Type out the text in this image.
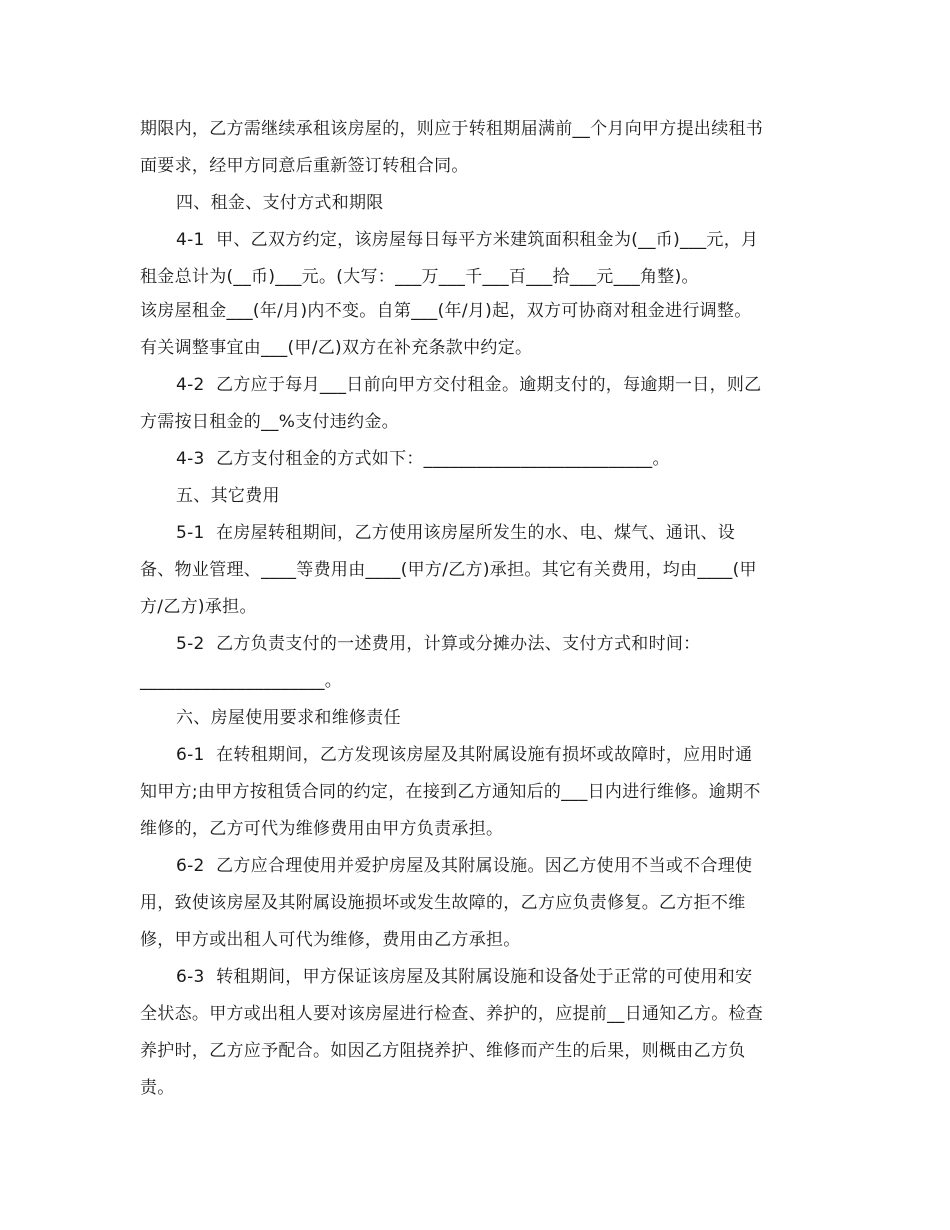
期限内，乙方需继续承租该房屋的，则应于转租期届满前__个月向甲方提出续租书
面要求，经甲方同意后重新签订转租合同。
四、租金、支付方式和期限
4-1  甲、乙双方约定，该房屋每日每平方米建筑面积租金为(__币)___元，月
租金总计为(__币)___元。(大写：___万___千___百___拾___元___角整)。
该房屋租金___(年/月)内不变。自第___(年/月)起，双方可协商对租金进行调整。
有关调整事宜由___(甲/乙)双方在补充条款中约定。
4-2  乙方应于每月___日前向甲方交付租金。逾期支付的，每逾期一日，则乙
方需按日租金的__%支付违约金。
4-3  乙方支付租金的方式如下：__________________________。
五、其它费用
5-1  在房屋转租期间，乙方使用该房屋所发生的水、电、煤气、通讯、设
备、物业管理、____等费用由____(甲方/乙方)承担。其它有关费用，均由____(甲
方/乙方)承担。
5-2  乙方负责支付的一述费用，计算或分摊办法、支付方式和时间：
_____________________。
六、房屋使用要求和维修责任
6-1  在转租期间，乙方发现该房屋及其附属设施有损坏或故障时，应用时通
知甲方;由甲方按租赁合同的约定，在接到乙方通知后的___日内进行维修。逾期不
维修的，乙方可代为维修费用由甲方负责承担。
6-2  乙方应合理使用并爱护房屋及其附属设施。因乙方使用不当或不合理使
用，致使该房屋及其附属设施损坏或发生故障的，乙方应负责修复。乙方拒不维
修，甲方或出租人可代为维修，费用由乙方承担。
6-3  转租期间，甲方保证该房屋及其附属设施和设备处于正常的可使用和安
全状态。甲方或出租人要对该房屋进行检查、养护的，应提前__日通知乙方。检查
养护时，乙方应予配合。如因乙方阻挠养护、维修而产生的后果，则概由乙方负
责。
